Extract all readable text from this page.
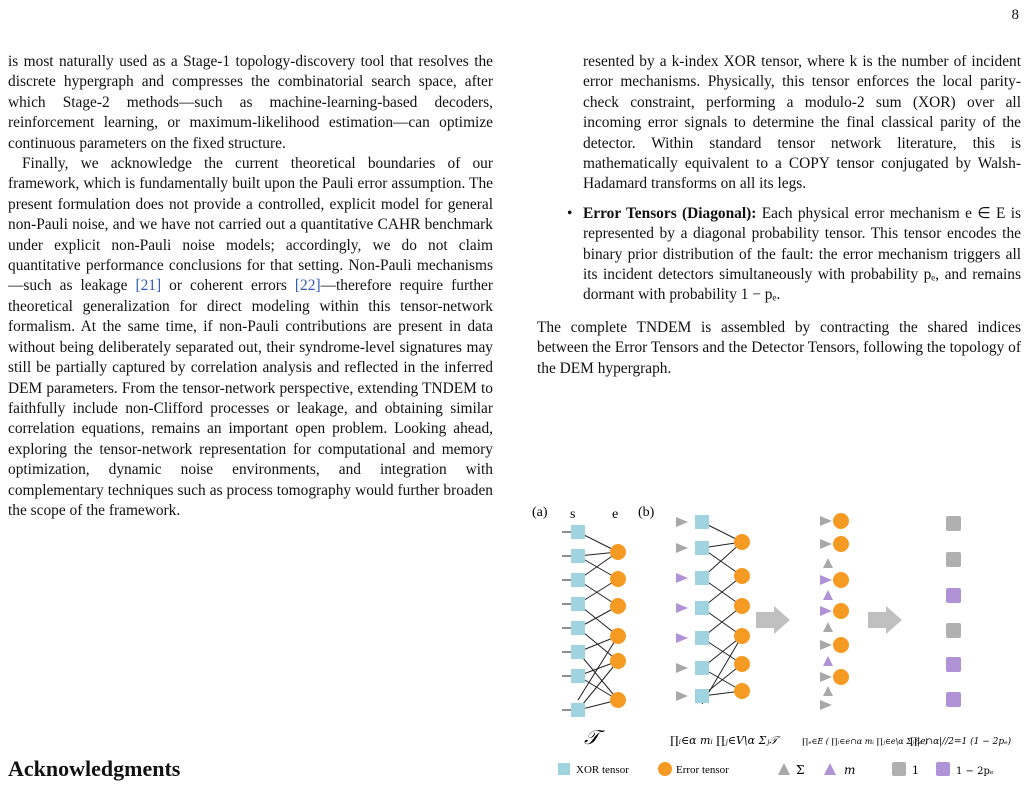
8

is most naturally used as a Stage-1 topology-discovery tool that resolves the discrete hypergraph and compresses the combinatorial search space, after which Stage-2 methods—such as machine-learning-based decoders, reinforcement learning, or maximum-likelihood estimation—can optimize continuous parameters on the fixed structure.

Finally, we acknowledge the current theoretical boundaries of our framework, which is fundamentally built upon the Pauli error assumption. The present formulation does not provide a controlled, explicit model for general non-Pauli noise, and we have not carried out a quantitative CAHR benchmark under explicit non-Pauli noise models; accordingly, we do not claim quantitative performance conclusions for that setting. Non-Pauli mechanisms—such as leakage [21] or coherent errors [22]—therefore require further theoretical generalization for direct modeling within this tensor-network formalism. At the same time, if non-Pauli contributions are present in data without being deliberately separated out, their syndrome-level signatures may still be partially captured by correlation analysis and reflected in the inferred DEM parameters. From the tensor-network perspective, extending TNDEM to faithfully include non-Clifford processes or leakage, and obtaining similar correlation equations, remains an important open problem. Looking ahead, exploring the tensor-network representation for computational and memory optimization, dynamic noise environments, and integration with complementary techniques such as process tomography would further broaden the scope of the framework.

Acknowledgments

resented by a k-index XOR tensor, where k is the number of incident error mechanisms. Physically, this tensor enforces the local parity-check constraint, performing a modulo-2 sum (XOR) over all incoming error signals to determine the final classical parity of the detector. Within standard tensor network literature, this is mathematically equivalent to a COPY tensor conjugated by Walsh-Hadamard transforms on all its legs.

• Error Tensors (Diagonal): Each physical error mechanism e ∈ E is represented by a diagonal probability tensor. This tensor encodes the binary prior distribution of the fault: the error mechanism triggers all its incident detectors simultaneously with probability pₑ, and remains dormant with probability 1 − pₑ.

The complete TNDEM is assembled by contracting the shared indices between the Error Tensors and the Detector Tensors, following the topology of the DEM hypergraph.

(a) s	e (b)
𝒯	∏ᵢ∈α mᵢ ∏ⱼ∈V\α Σⱼ𝒯	∏ₑ∈E ( ∏ᵢ∈e∩α mᵢ ∏ⱼ∈e\α Σⱼℰₑ )
∏|e∩α|//2=1 (1 − 2pₑ)
XOR tensor	Error tensor	Σ	m	1	1 − 2pₑ
